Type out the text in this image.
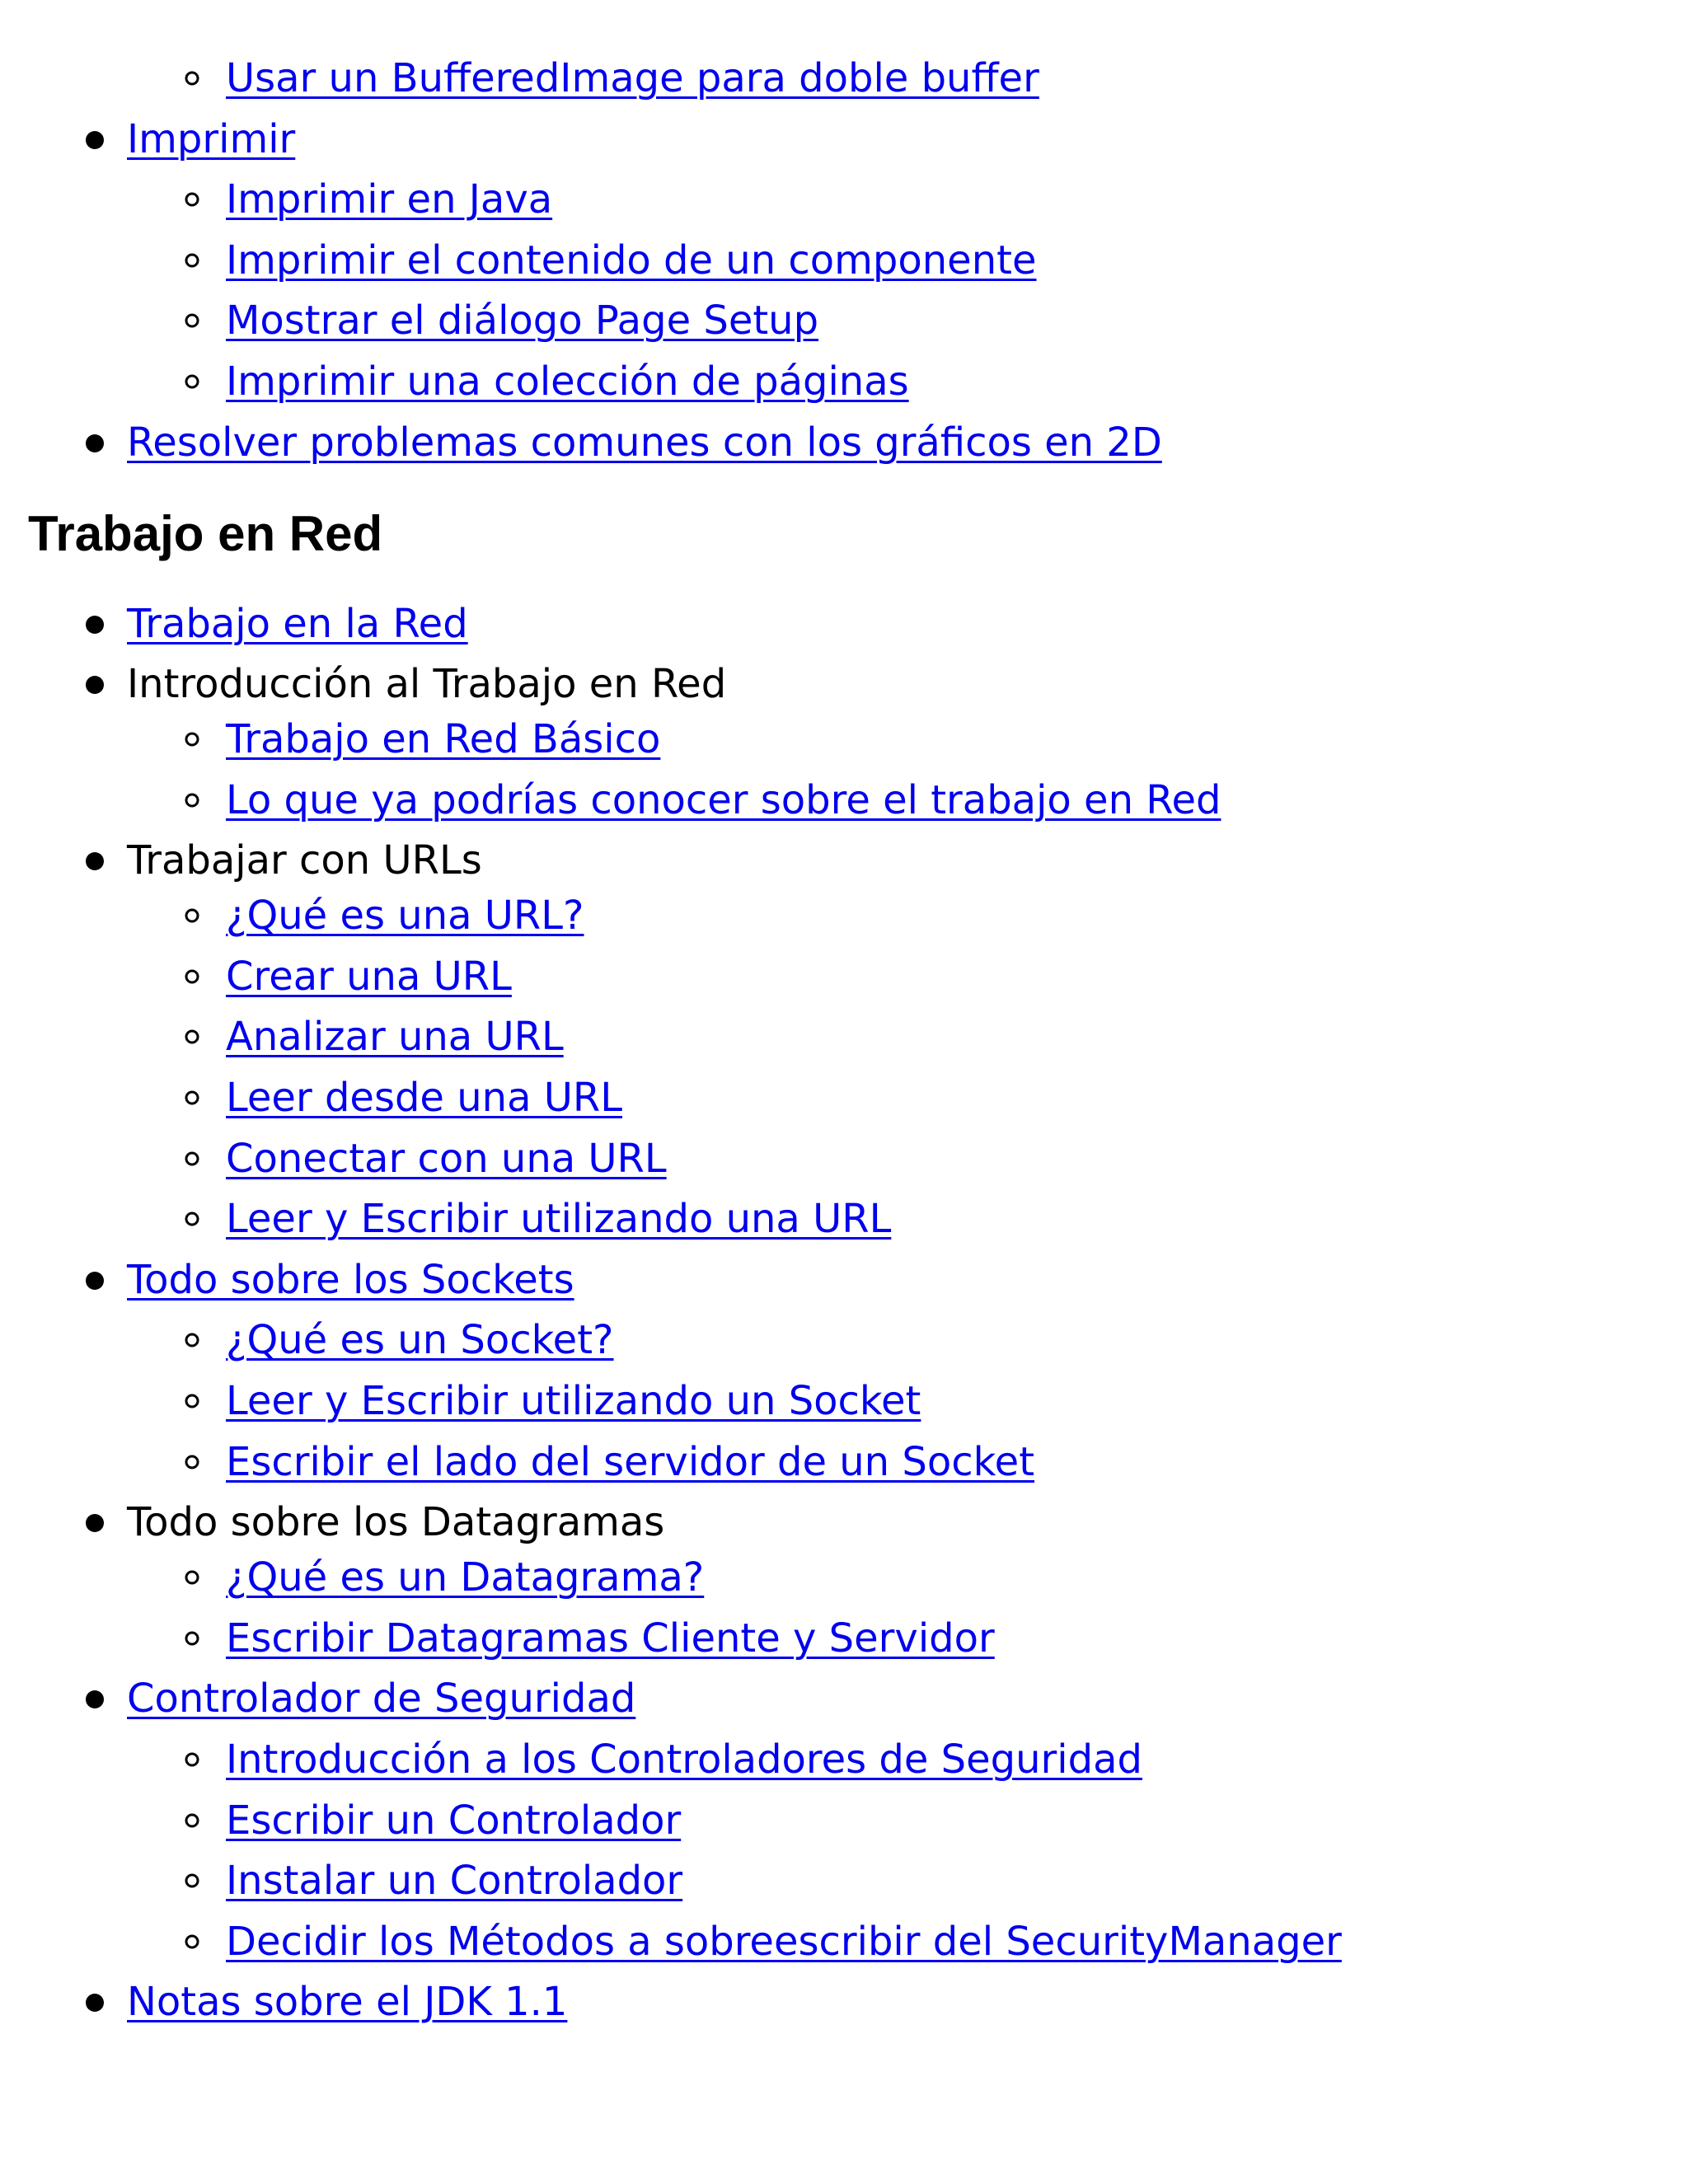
Usar un BufferedImage para doble buffer
Imprimir
Imprimir en Java
Imprimir el contenido de un componente
Mostrar el diálogo Page Setup
Imprimir una colección de páginas
Resolver problemas comunes con los gráficos en 2D
Trabajo en Red
Trabajo en la Red
Introducción al Trabajo en Red
Trabajo en Red Básico
Lo que ya podrías conocer sobre el trabajo en Red
Trabajar con URLs
¿Qué es una URL?
Crear una URL
Analizar una URL
Leer desde una URL
Conectar con una URL
Leer y Escribir utilizando una URL
Todo sobre los Sockets
¿Qué es un Socket?
Leer y Escribir utilizando un Socket
Escribir el lado del servidor de un Socket
Todo sobre los Datagramas
¿Qué es un Datagrama?
Escribir Datagramas Cliente y Servidor
Controlador de Seguridad
Introducción a los Controladores de Seguridad
Escribir un Controlador
Instalar un Controlador
Decidir los Métodos a sobreescribir del SecurityManager
Notas sobre el JDK 1.1
